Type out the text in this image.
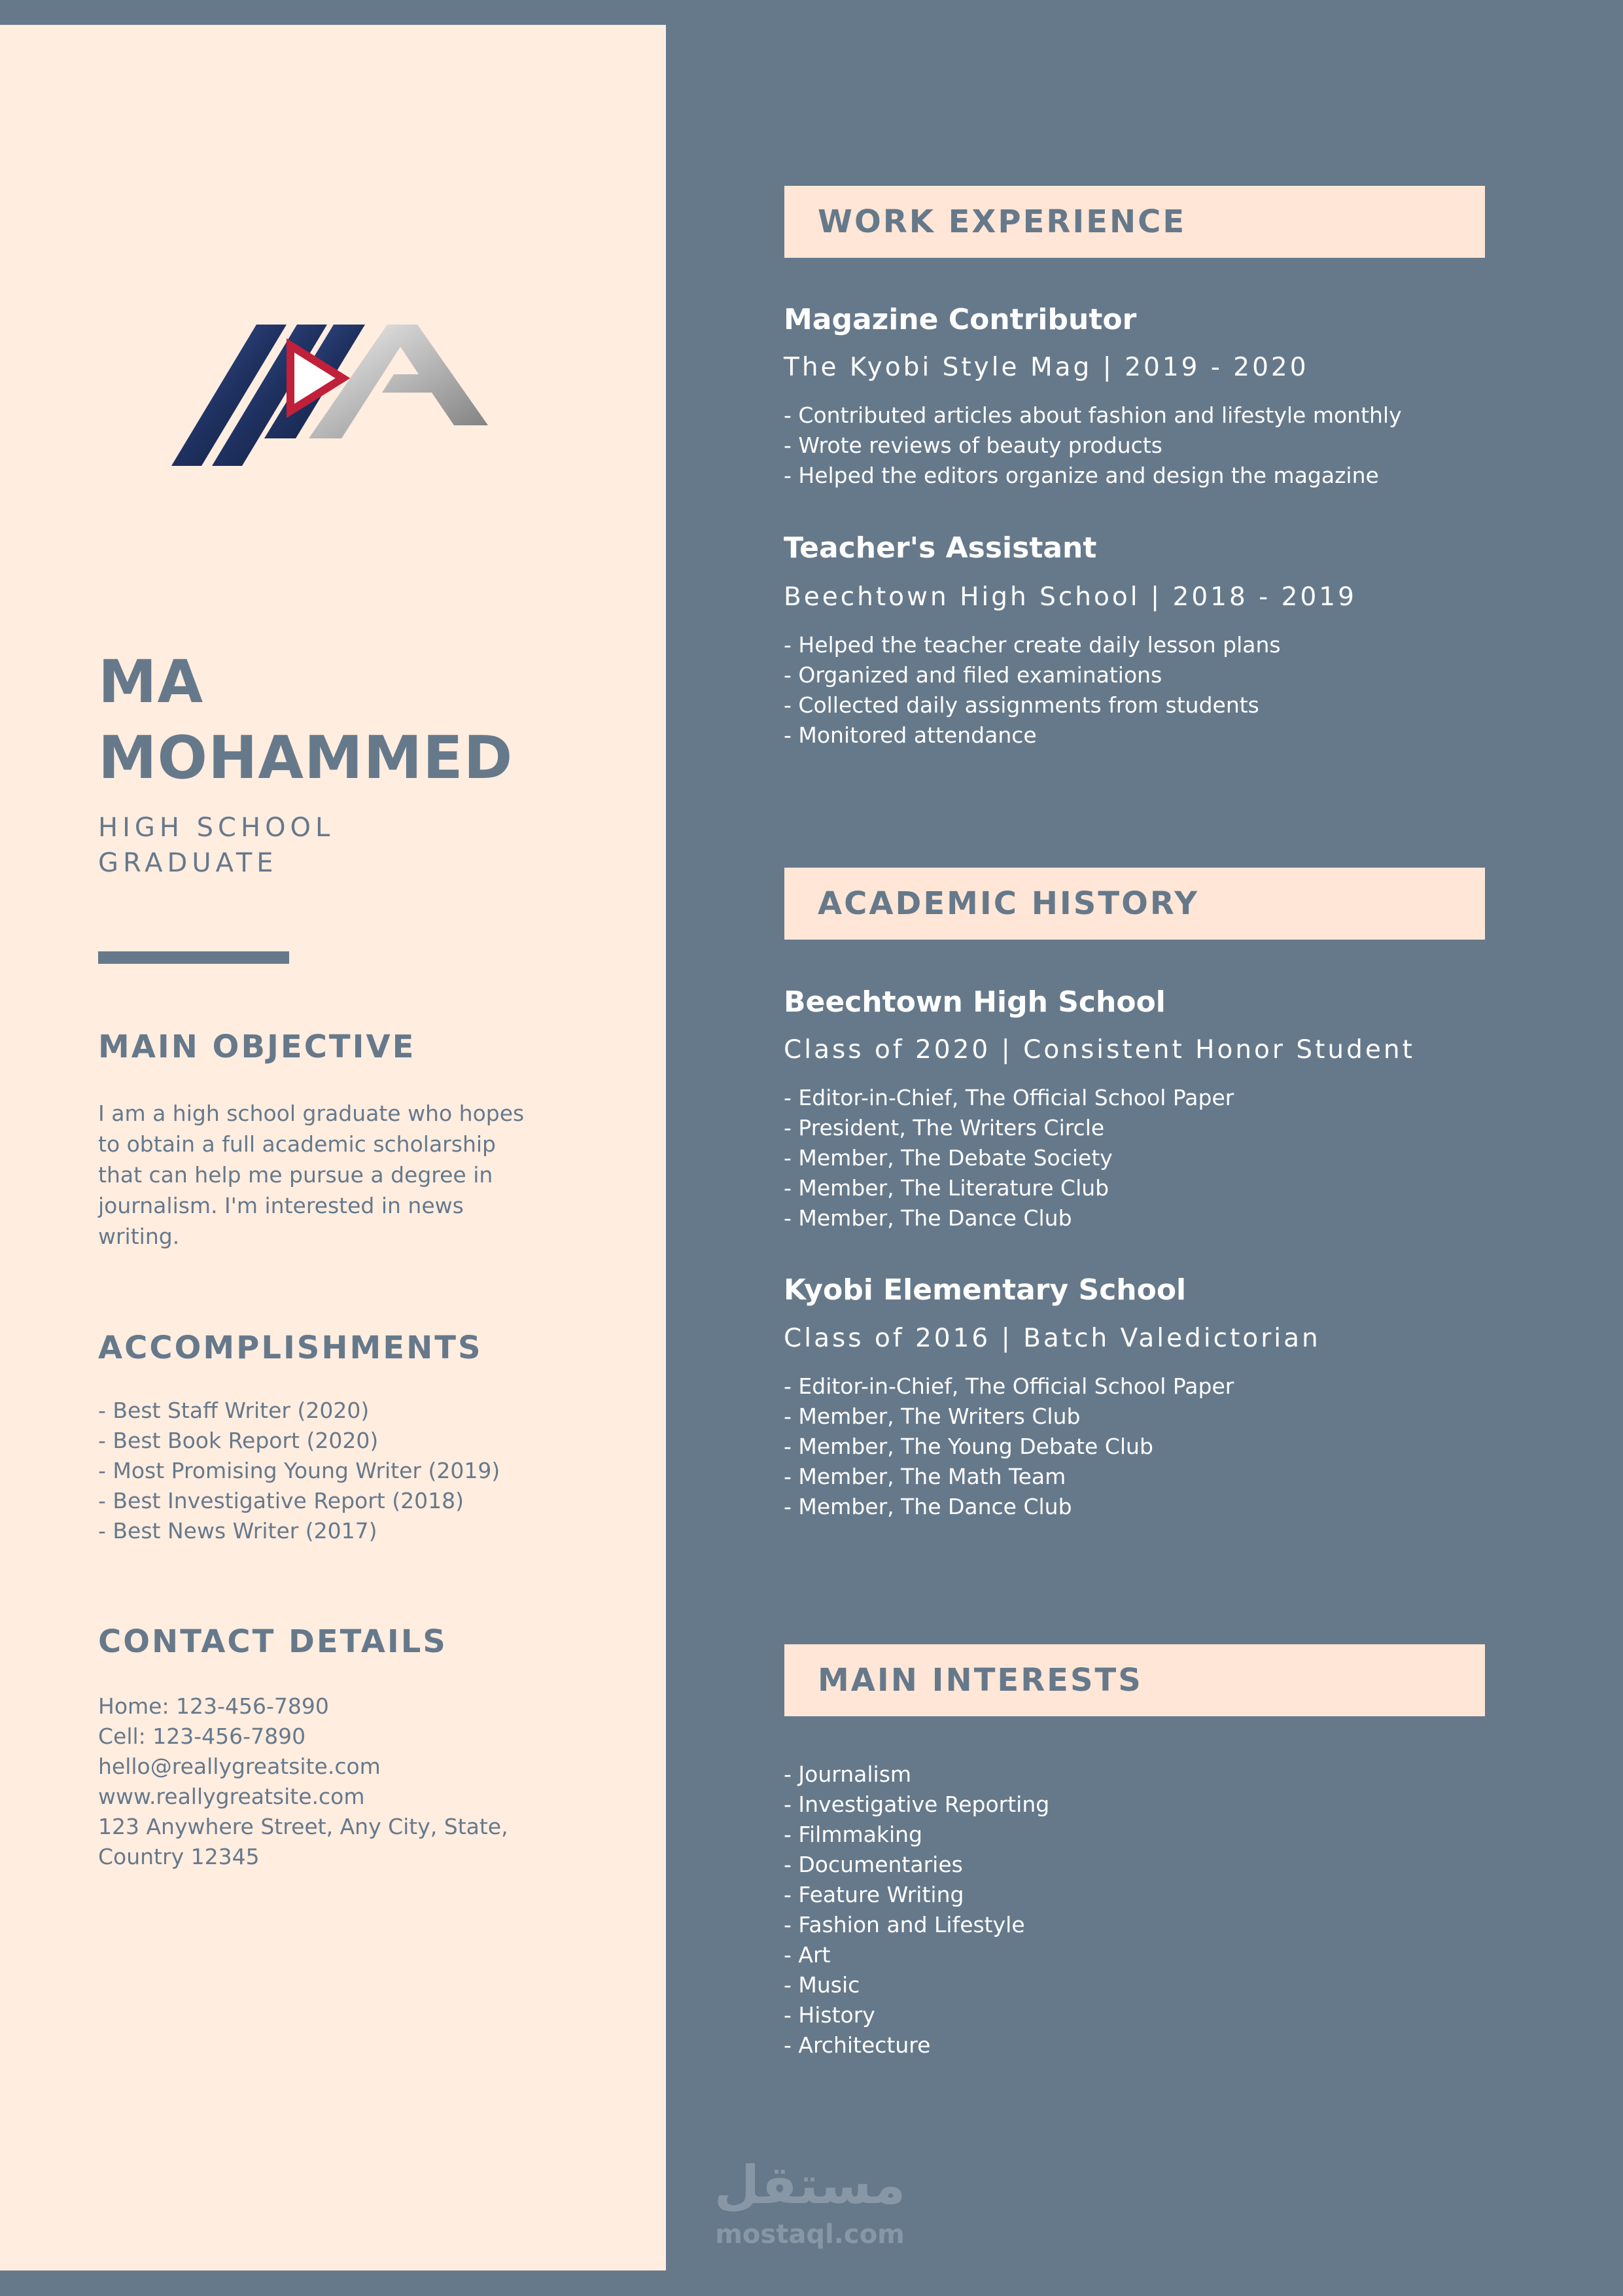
MA
MOHAMMED
HIGH SCHOOL
GRADUATE
MAIN OBJECTIVE
I am a high school graduate who hopes
to obtain a full academic scholarship
that can help me pursue a degree in
journalism. I'm interested in news
writing.
ACCOMPLISHMENTS
- Best Staff Writer (2020)
- Best Book Report (2020)
- Most Promising Young Writer (2019)
- Best Investigative Report (2018)
- Best News Writer (2017)
CONTACT DETAILS
Home: 123-456-7890
Cell: 123-456-7890
hello@reallygreatsite.com
www.reallygreatsite.com
123 Anywhere Street, Any City, State,
Country 12345
WORK EXPERIENCE
Magazine Contributor
The Kyobi Style Mag | 2019 - 2020
- Contributed articles about fashion and lifestyle monthly
- Wrote reviews of beauty products
- Helped the editors organize and design the magazine
Teacher's Assistant
Beechtown High School | 2018 - 2019
- Helped the teacher create daily lesson plans
- Organized and filed examinations
- Collected daily assignments from students
- Monitored attendance
ACADEMIC HISTORY
Beechtown High School
Class of 2020 | Consistent Honor Student
- Editor-in-Chief, The Official School Paper
- President, The Writers Circle
- Member, The Debate Society
- Member, The Literature Club
- Member, The Dance Club
Kyobi Elementary School
Class of 2016 | Batch Valedictorian
- Editor-in-Chief, The Official School Paper
- Member, The Writers Club
- Member, The Young Debate Club
- Member, The Math Team
- Member, The Dance Club
MAIN INTERESTS
- Journalism
- Investigative Reporting
- Filmmaking
- Documentaries
- Feature Writing
- Fashion and Lifestyle
- Art
- Music
- History
- Architecture
مستقل
mostaql.com
